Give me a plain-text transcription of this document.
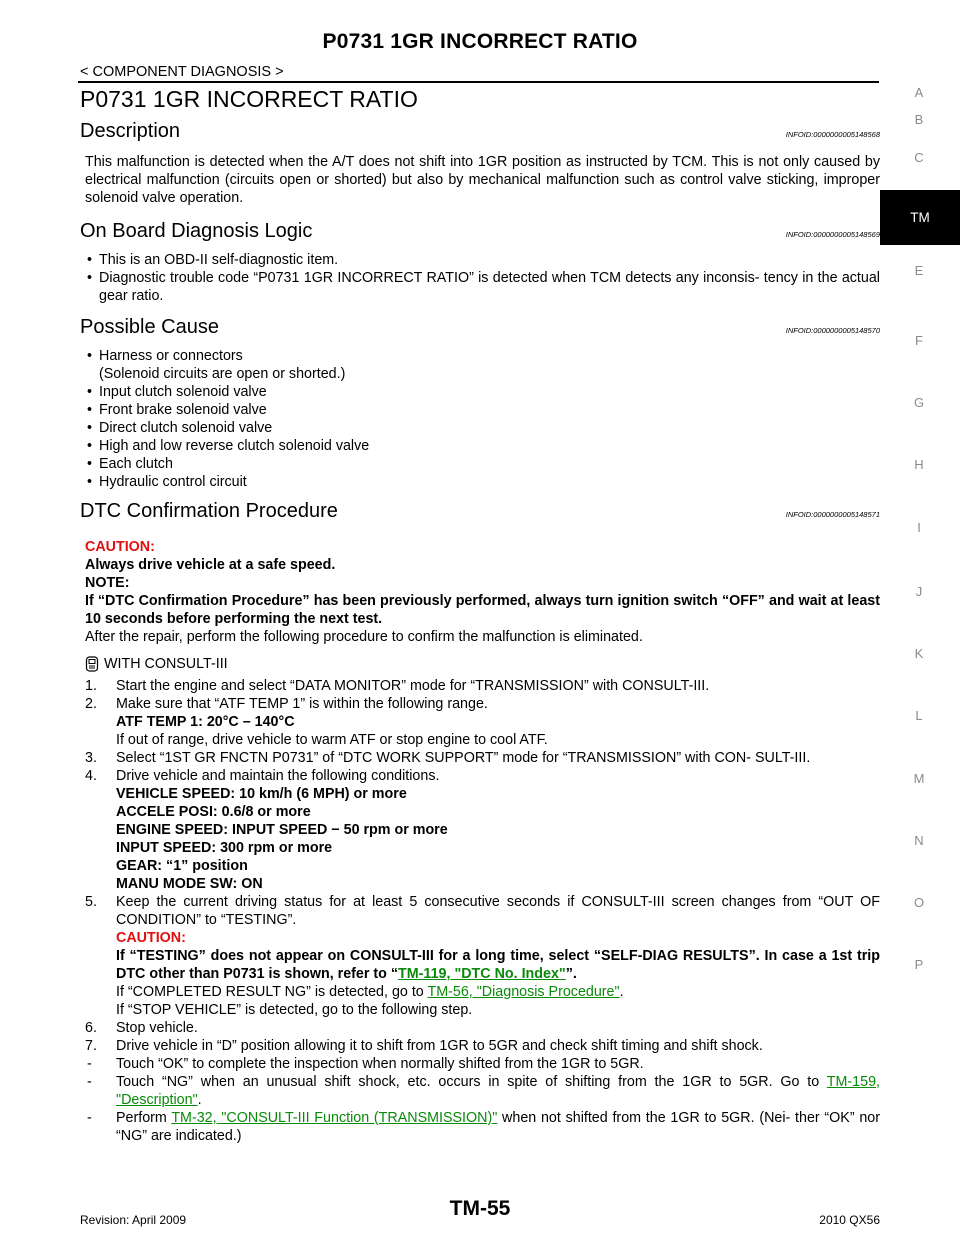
P0731 1GR INCORRECT RATIO
< COMPONENT DIAGNOSIS >
P0731 1GR INCORRECT RATIO
Description	INFOID:0000000005148568

This malfunction is detected when the A/T does not shift into 1GR position as instructed by TCM. This is not only caused by electrical malfunction (circuits open or shorted) but also by mechanical malfunction such as control valve sticking, improper solenoid valve operation.

On Board Diagnosis Logic	INFOID:0000000005148569
• This is an OBD-II self-diagnostic item.
• Diagnostic trouble code “P0731 1GR INCORRECT RATIO” is detected when TCM detects any inconsis- tency in the actual gear ratio.
Possible Cause	INFOID:0000000005148570
• Harness or connectors
(Solenoid circuits are open or shorted.)
• Input clutch solenoid valve
• Front brake solenoid valve
• Direct clutch solenoid valve
• High and low reverse clutch solenoid valve
• Each clutch
• Hydraulic control circuit
DTC Confirmation Procedure	INFOID:0000000005148571

CAUTION:

Always drive vehicle at a safe speed.

NOTE:

If “DTC Confirmation Procedure” has been previously performed, always turn ignition switch “OFF” and wait at least 10 seconds before performing the next test.

After the repair, perform the following procedure to confirm the malfunction is eliminated.

WITH CONSULT-III
1. Start the engine and select “DATA MONITOR” mode for “TRANSMISSION” with CONSULT-III.
2. Make sure that “ATF TEMP 1” is within the following range.
ATF TEMP 1: 20°C – 140°C
If out of range, drive vehicle to warm ATF or stop engine to cool ATF.
3. Select “1ST GR FNCTN P0731” of “DTC WORK SUPPORT” mode for “TRANSMISSION” with CON- SULT-III.
4. Drive vehicle and maintain the following conditions.
VEHICLE SPEED: 10 km/h (6 MPH) or more
ACCELE POSI: 0.6/8 or more
ENGINE SPEED: INPUT SPEED − 50 rpm or more
INPUT SPEED: 300 rpm or more
GEAR: “1” position
MANU MODE SW: ON
5. Keep the current driving status for at least 5 consecutive seconds if CONSULT-III screen changes from “OUT OF CONDITION” to “TESTING”.
CAUTION:
If “TESTING” does not appear on CONSULT-III for a long time, select “SELF-DIAG RESULTS”. In case a 1st trip DTC other than P0731 is shown, refer to “TM-119, "DTC No. Index"”.
If “COMPLETED RESULT NG” is detected, go to TM-56, "Diagnosis Procedure".
If “STOP VEHICLE” is detected, go to the following step.
6. Stop vehicle.
7. Drive vehicle in “D” position allowing it to shift from 1GR to 5GR and check shift timing and shift shock.
- Touch “OK” to complete the inspection when normally shifted from the 1GR to 5GR.
- Touch “NG” when an unusual shift shock, etc. occurs in spite of shifting from the 1GR to 5GR. Go to TM-159, "Description".
- Perform TM-32, "CONSULT-III Function (TRANSMISSION)" when not shifted from the 1GR to 5GR. (Nei- ther “OK” nor “NG” are indicated.)
A
B
C
TM
E
F
G
H
I
J
K
L
M
N
O
P
Revision: April 2009	TM-55	2010 QX56
